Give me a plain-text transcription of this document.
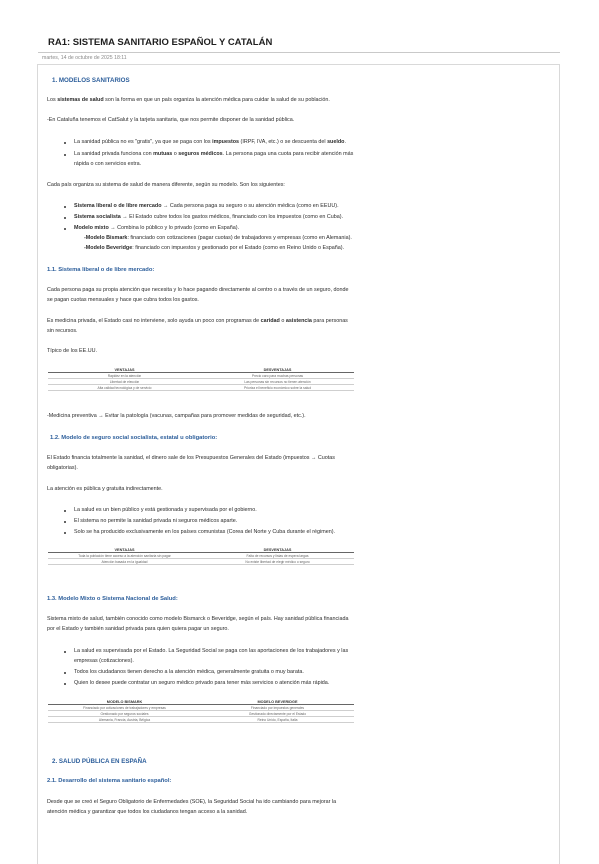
RA1: SISTEMA SANITARIO ESPAÑOL Y CATALÁN
martes, 14 de octubre de 2025 18:11
1. MODELOS SANITARIOS
Los sistemas de salud son la forma en que un país organiza la atención médica para cuidar la salud de su población.
-En Cataluña tenemos el CatSalut y la tarjeta sanitaria, que nos permite disponer de la sanidad pública.
La sanidad pública no es "gratis", ya que se paga con los impuestos (IRPF, IVA, etc.) o se descuenta del sueldo.
La sanidad privada funciona con mutuas o seguros médicos. La persona paga una cuota para recibir atención más
rápida o con servicios extra.
Cada país organiza su sistema de salud de manera diferente, según su modelo. Son los siguientes:
Sistema liberal o de libre mercado → Cada persona paga su seguro o su atención médica (como en EEUU).
Sistema socialista → El Estado cubre todos los gastos médicos, financiado con los impuestos (como en Cuba).
Modelo mixto → Combina lo público y lo privado (como en España).
-Modelo Bismark: financiado con cotizaciones (pagar cuotas) de trabajadores y empresas (como en Alemania).
-Modelo Beveridge: financiado con impuestos y gestionado por el Estado (como en Reino Unido o España).
1.1. Sistema liberal o de libre mercado:
Cada persona paga su propia atención que necesita y lo hace pagando directamente al centro o a través de un seguro, donde
se pagan cuotas mensuales y hace que cubra todos los gastos.
Es medicina privada, el Estado casi no interviene, solo ayuda un poco con programas de caridad o asistencia para personas
sin recursos.
Típico de los EE.UU.
VENTAJAS	DESVENTAJAS
Rapidez en la atención	Precio caro para muchas personas
Libertad de elección	Las personas sin recursos no tienen atención
Alta calidad tecnológica y de servicio	Prioriza el beneficio económico sobre la salud
-Medicina preventiva → Evitar la patología (vacunas, campañas para promover medidas de seguridad, etc.).
1.2. Modelo de seguro social socialista, estatal u obligatorio:
El Estado financia totalmente la sanidad, el dinero sale de los Presupuestos Generales del Estado (impuestos → Cuotas
obligatorias).
La atención es pública y gratuita indirectamente.
La salud es un bien público y está gestionada y supervisada por el gobierno.
El sistema no permite la sanidad privada ni seguros médicos aparte.
Solo se ha producido exclusivamente en los países comunistas (Corea del Norte y Cuba durante el régimen).
VENTAJAS	DESVENTAJAS
Toda la población tiene acceso a la atención sanitaria sin pagar	Falta de recursos y listas de espera largas
Atención basada en la igualdad	No existe libertad de elegir médico o seguro
1.3. Modelo Mixto o Sistema Nacional de Salud:
Sistema mixto de salud, también conocido como modelo Bismarck o Beveridge, según el país. Hay sanidad pública financiada
por el Estado y también sanidad privada para quien quiera pagar un seguro.
La salud es supervisada por el Estado. La Seguridad Social se paga con las aportaciones de los trabajadores y las
empresas (cotizaciones).
Todos los ciudadanos tienen derecho a la atención médica, generalmente gratuita o muy barata.
Quien lo desee puede contratar un seguro médico privado para tener más servicios o atención más rápida.
MODELO BISMARK	MODELO BEVERIDGE
Financiado por cotizaciones de trabajadores y empresas	Financiado por impuestos generales
Gestionado por seguros sociales	Gestionado directamente por el Estado
Alemania, Francia, Austria, Bélgica	Reino Unido, España, Italia
2. SALUD PÚBLICA EN ESPAÑA
2.1. Desarrollo del sistema sanitario español:
Desde que se creó el Seguro Obligatorio de Enfermedades (SOE), la Seguridad Social ha ido cambiando para mejorar la
atención médica y garantizar que todos los ciudadanos tengan acceso a la sanidad.
